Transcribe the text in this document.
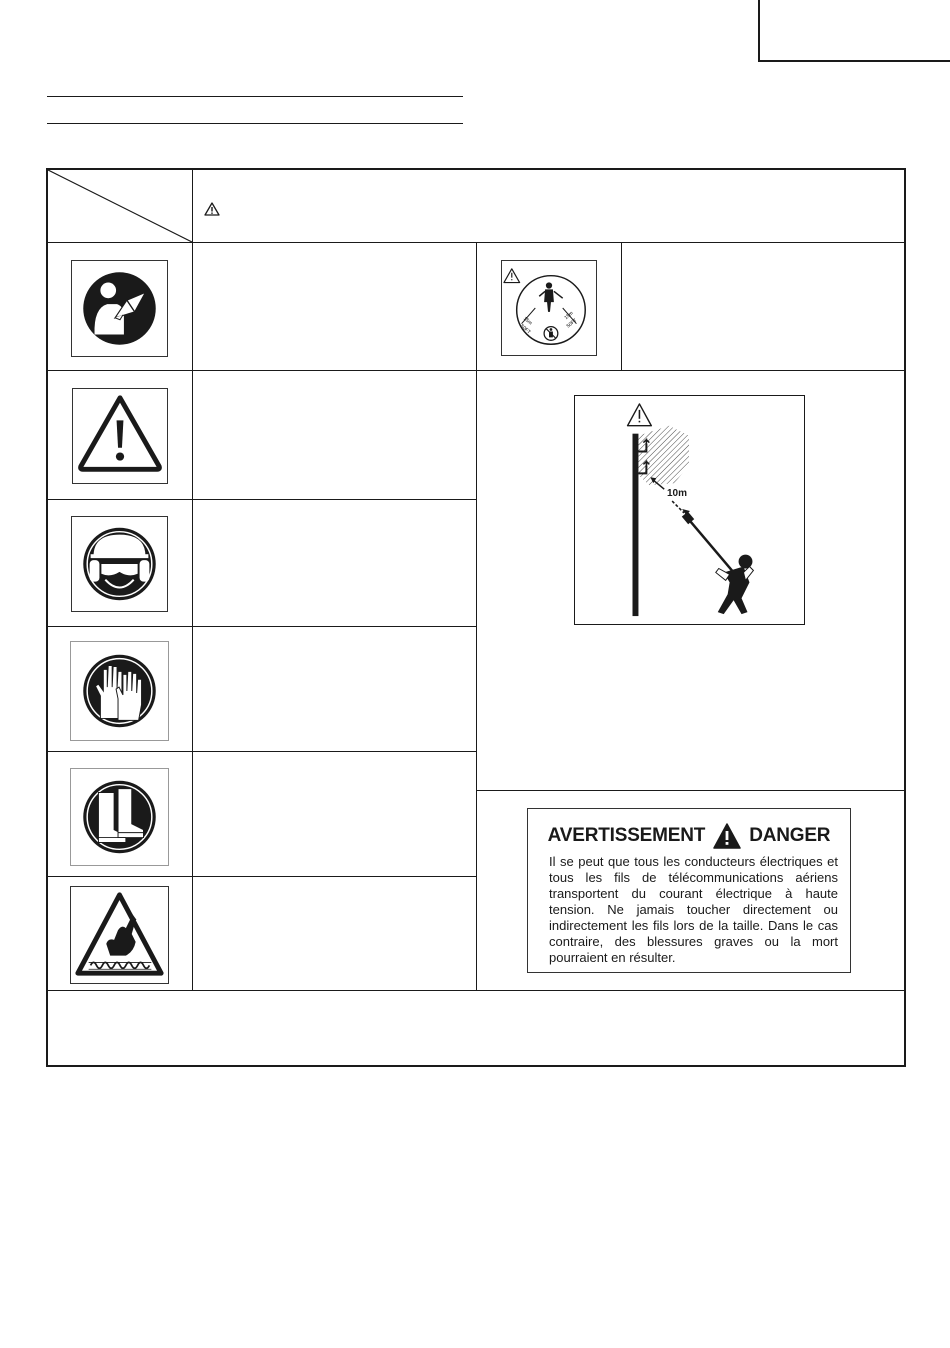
15m
50FT
15m
50FT
10m
AVERTISSEMENT DANGER
Il se peut que tous les conducteurs électriques et tous les fils de télécommunications aériens transportent du courant électrique à haute tension. Ne jamais toucher directement ou indirectement les fils lors de la taille. Dans le cas contraire, des blessures graves ou la mort pourraient en résulter.
